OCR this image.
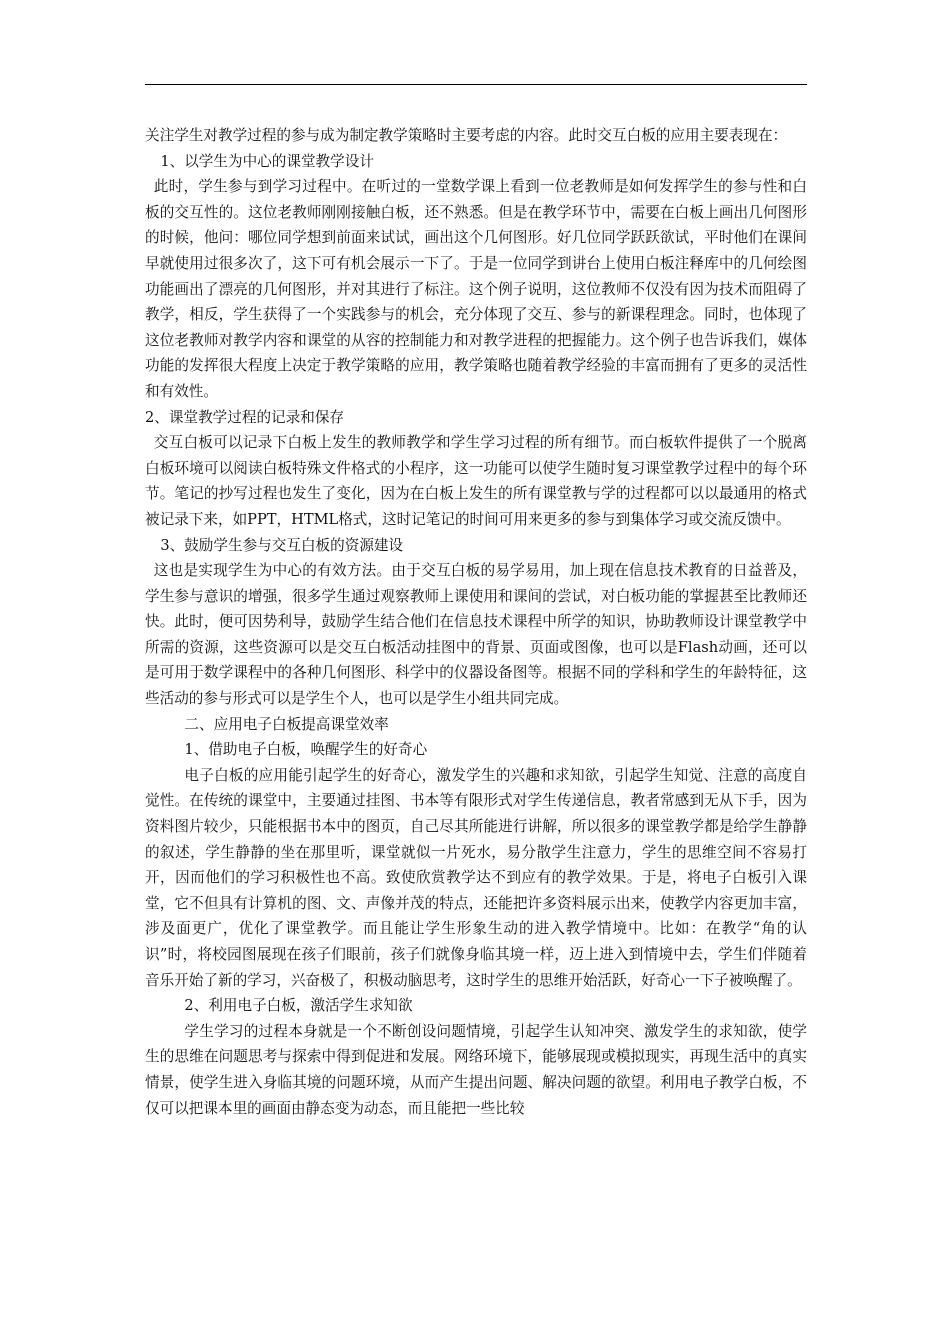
关注学生对教学过程的参与成为制定教学策略时主要考虑的内容。此时交互白板的应用主要表现在：

1、以学生为中心的课堂教学设计

此时，学生参与到学习过程中。在听过的一堂数学课上看到一位老教师是如何发挥学生的参与性和白板的交互性的。这位老教师刚刚接触白板，还不熟悉。但是在教学环节中，需要在白板上画出几何图形的时候，他问：哪位同学想到前面来试试，画出这个几何图形。好几位同学跃跃欲试，平时他们在课间早就使用过很多次了，这下可有机会展示一下了。于是一位同学到讲台上使用白板注释库中的几何绘图功能画出了漂亮的几何图形，并对其进行了标注。这个例子说明，这位教师不仅没有因为技术而阻碍了教学，相反，学生获得了一个实践参与的机会，充分体现了交互、参与的新课程理念。同时，也体现了这位老教师对教学内容和课堂的从容的控制能力和对教学进程的把握能力。这个例子也告诉我们，媒体功能的发挥很大程度上决定于教学策略的应用，教学策略也随着教学经验的丰富而拥有了更多的灵活性和有效性。

2、课堂教学过程的记录和保存

交互白板可以记录下白板上发生的教师教学和学生学习过程的所有细节。而白板软件提供了一个脱离白板环境可以阅读白板特殊文件格式的小程序，这一功能可以使学生随时复习课堂教学过程中的每个环节。笔记的抄写过程也发生了变化，因为在白板上发生的所有课堂教与学的过程都可以以最通用的格式被记录下来，如PPT，HTML格式，这时记笔记的时间可用来更多的参与到集体学习或交流反馈中。

3、鼓励学生参与交互白板的资源建设

这也是实现学生为中心的有效方法。由于交互白板的易学易用，加上现在信息技术教育的日益普及，学生参与意识的增强，很多学生通过观察教师上课使用和课间的尝试，对白板功能的掌握甚至比教师还快。此时，便可因势利导，鼓励学生结合他们在信息技术课程中所学的知识，协助教师设计课堂教学中所需的资源，这些资源可以是交互白板活动挂图中的背景、页面或图像，也可以是Flash动画，还可以是可用于数学课程中的各种几何图形、科学中的仪器设备图等。根据不同的学科和学生的年龄特征，这些活动的参与形式可以是学生个人，也可以是学生小组共同完成。

二、应用电子白板提高课堂效率

1、借助电子白板，唤醒学生的好奇心

电子白板的应用能引起学生的好奇心，激发学生的兴趣和求知欲，引起学生知觉、注意的高度自觉性。在传统的课堂中，主要通过挂图、书本等有限形式对学生传递信息，教者常感到无从下手，因为资料图片较少，只能根据书本中的图页，自己尽其所能进行讲解，所以很多的课堂教学都是给学生静静的叙述，学生静静的坐在那里听，课堂就似一片死水，易分散学生注意力，学生的思维空间不容易打开，因而他们的学习积极性也不高。致使欣赏教学达不到应有的教学效果。于是，将电子白板引入课堂，它不但具有计算机的图、文、声像并茂的特点，还能把许多资料展示出来，使教学内容更加丰富，涉及面更广，优化了课堂教学。而且能让学生形象生动的进入教学情境中。比如：在教学“角的认识”时，将校园图展现在孩子们眼前，孩子们就像身临其境一样，迈上进入到情境中去，学生们伴随着音乐开始了新的学习，兴奋极了，积极动脑思考，这时学生的思维开始活跃，好奇心一下子被唤醒了。

2、利用电子白板，激活学生求知欲

学生学习的过程本身就是一个不断创设问题情境，引起学生认知冲突、激发学生的求知欲，使学生的思维在问题思考与探索中得到促进和发展。网络环境下，能够展现或模拟现实，再现生活中的真实情景，使学生进入身临其境的问题环境，从而产生提出问题、解决问题的欲望。利用电子教学白板，不仅可以把课本里的画面由静态变为动态，而且能把一些比较
